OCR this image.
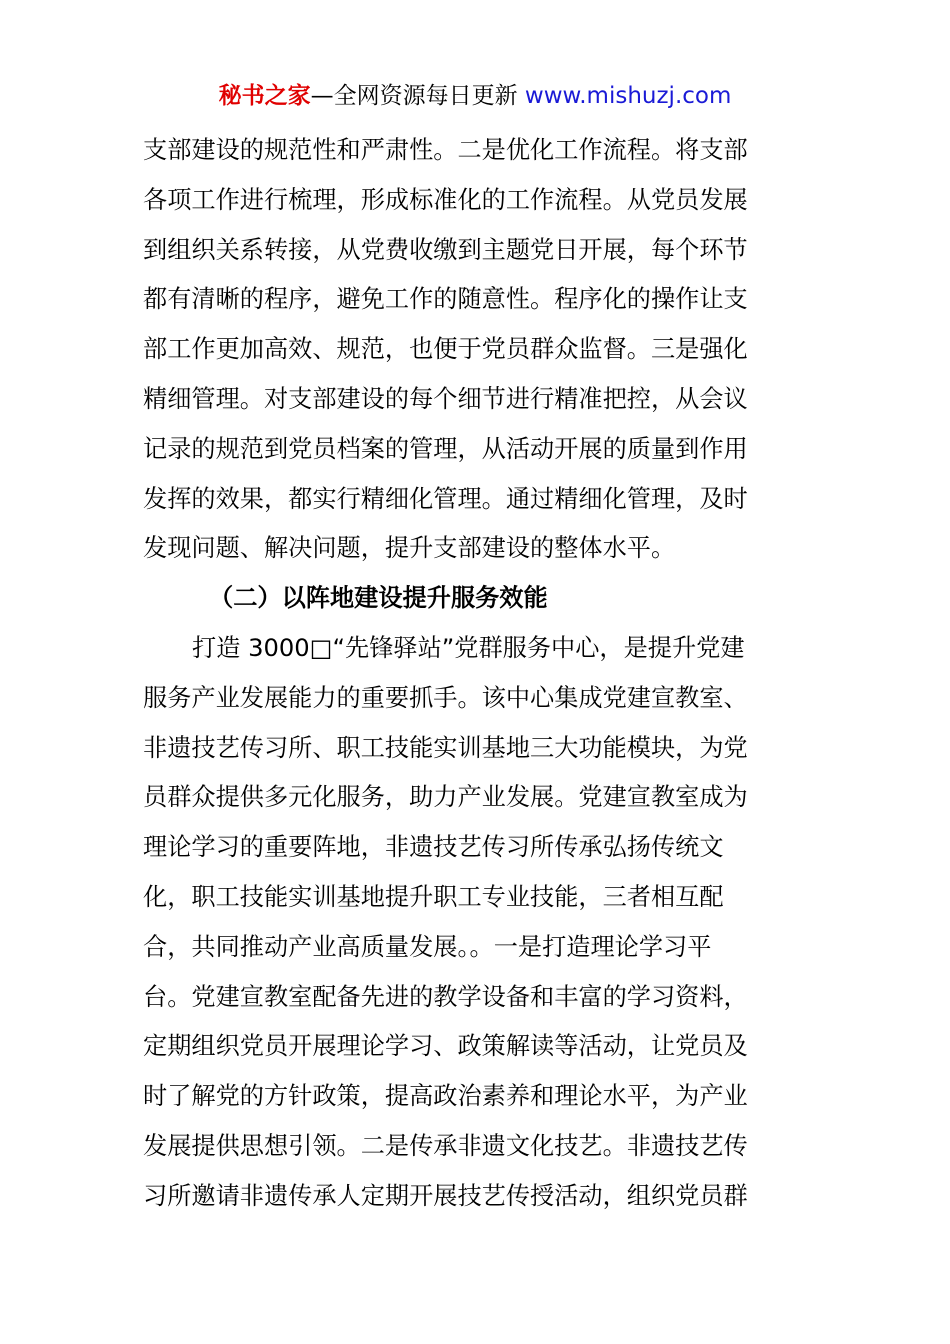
秘书之家—全网资源每日更新 www.mishuzj.com
支部建设的规范性和严肃性。二是优化工作流程。将支部
各项工作进行梳理，形成标准化的工作流程。从党员发展
到组织关系转接，从党费收缴到主题党日开展，每个环节
都有清晰的程序，避免工作的随意性。程序化的操作让支
部工作更加高效、规范，也便于党员群众监督。三是强化
精细管理。对支部建设的每个细节进行精准把控，从会议
记录的规范到党员档案的管理，从活动开展的质量到作用
发挥的效果，都实行精细化管理。通过精细化管理，及时
发现问题、解决问题，提升支部建设的整体水平。
（二）以阵地建设提升服务效能
打造 3000□“先锋驿站”党群服务中心，是提升党建
服务产业发展能力的重要抓手。该中心集成党建宣教室、
非遗技艺传习所、职工技能实训基地三大功能模块，为党
员群众提供多元化服务，助力产业发展。党建宣教室成为
理论学习的重要阵地，非遗技艺传习所传承弘扬传统文
化，职工技能实训基地提升职工专业技能，三者相互配
合，共同推动产业高质量发展。。一是打造理论学习平
台。党建宣教室配备先进的教学设备和丰富的学习资料，
定期组织党员开展理论学习、政策解读等活动，让党员及
时了解党的方针政策，提高政治素养和理论水平，为产业
发展提供思想引领。二是传承非遗文化技艺。非遗技艺传
习所邀请非遗传承人定期开展技艺传授活动，组织党员群
